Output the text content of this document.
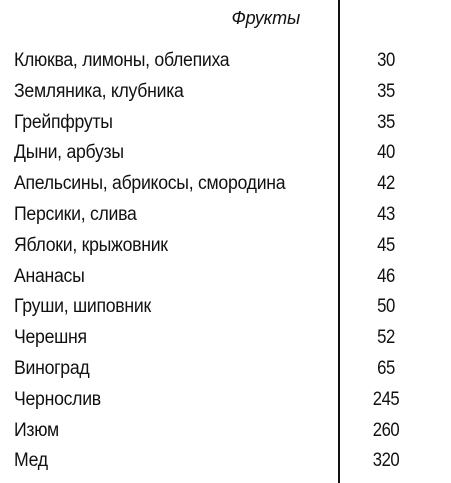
Фрукты
Клюква, лимоны, облепиха	30
Земляника, клубника	35
Грейпфруты	35
Дыни, арбузы	40
Апельсины, абрикосы, смородина	42
Персики, слива	43
Яблоки, крыжовник	45
Ананасы	46
Груши, шиповник	50
Черешня	52
Виноград	65
Чернослив	245
Изюм	260
Мед	320
